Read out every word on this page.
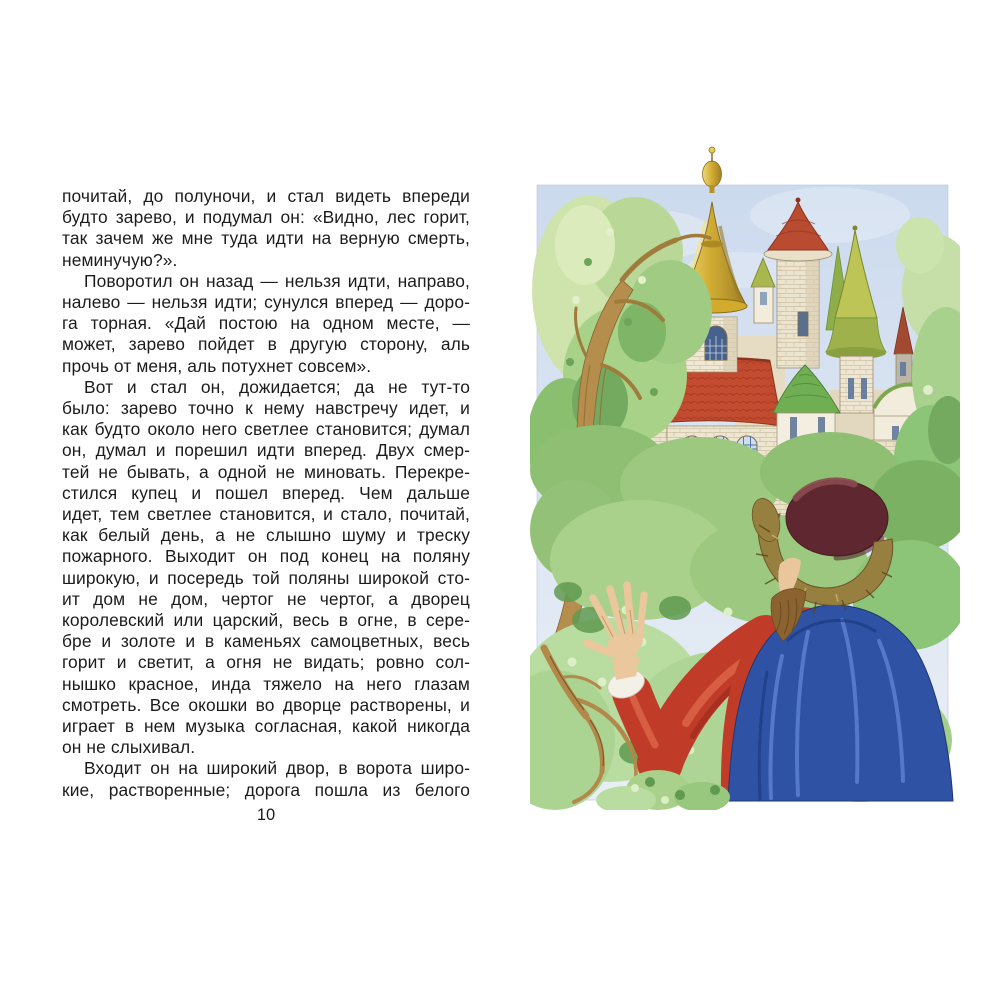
почитай, до полуночи, и стал видеть впереди
будто зарево, и подумал он: «Видно, лес горит,
так зачем же мне туда идти на верную смерть,
неминучую?».
Поворотил он назад — нельзя идти, направо,
налево — нельзя идти; сунулся вперед — доро-
га торная. «Дай постою на одном месте, —
может, зарево пойдет в другую сторону, аль
прочь от меня, аль потухнет совсем».
Вот и стал он, дожидается; да не тут-то
было: зарево точно к нему навстречу идет, и
как будто около него светлее становится; думал
он, думал и порешил идти вперед. Двух смер-
тей не бывать, а одной не миновать. Перекре-
стился купец и пошел вперед. Чем дальше
идет, тем светлее становится, и стало, почитай,
как белый день, а не слышно шуму и треску
пожарного. Выходит он под конец на поляну
широкую, и посередь той поляны широкой сто-
ит дом не дом, чертог не чертог, а дворец
королевский или царский, весь в огне, в сере-
бре и золоте и в каменьях самоцветных, весь
горит и светит, а огня не видать; ровно сол-
нышко красное, инда тяжело на него глазам
смотреть. Все окошки во дворце растворены, и
играет в нем музыка согласная, какой никогда
он не слыхивал.
Входит он на широкий двор, в ворота широ-
кие, растворенные; дорога пошла из белого
10
